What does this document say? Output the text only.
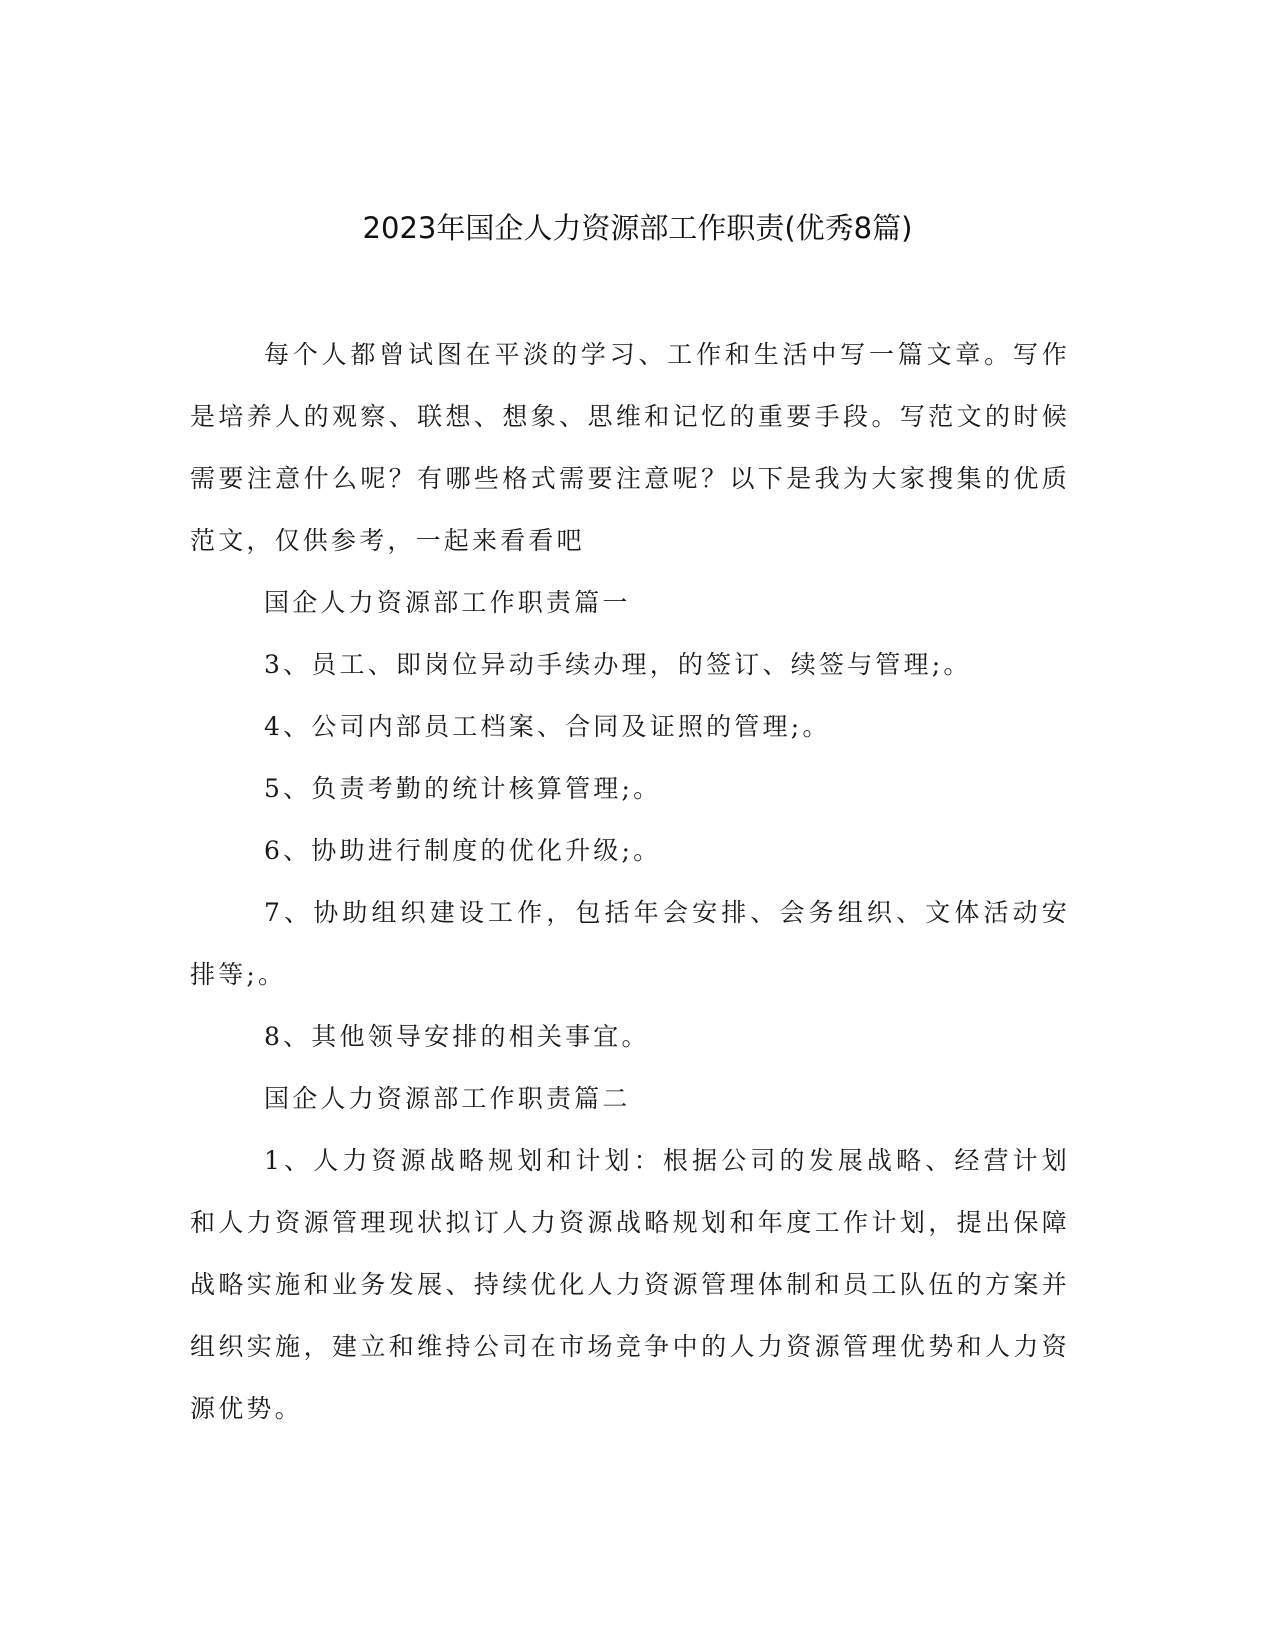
2023年国企人力资源部工作职责(优秀8篇)

每个人都曾试图在平淡的学习、工作和生活中写一篇文章。写作是培养人的观察、联想、想象、思维和记忆的重要手段。写范文的时候需要注意什么呢？有哪些格式需要注意呢？以下是我为大家搜集的优质范文，仅供参考，一起来看看吧

国企人力资源部工作职责篇一

3、员工、即岗位异动手续办理，的签订、续签与管理;。

4、公司内部员工档案、合同及证照的管理;。

5、负责考勤的统计核算管理;。

6、协助进行制度的优化升级;。

7、协助组织建设工作，包括年会安排、会务组织、文体活动安排等;。

8、其他领导安排的相关事宜。

国企人力资源部工作职责篇二

1、人力资源战略规划和计划：根据公司的发展战略、经营计划和人力资源管理现状拟订人力资源战略规划和年度工作计划，提出保障战略实施和业务发展、持续优化人力资源管理体制和员工队伍的方案并组织实施，建立和维持公司在市场竞争中的人力资源管理优势和人力资源优势。
